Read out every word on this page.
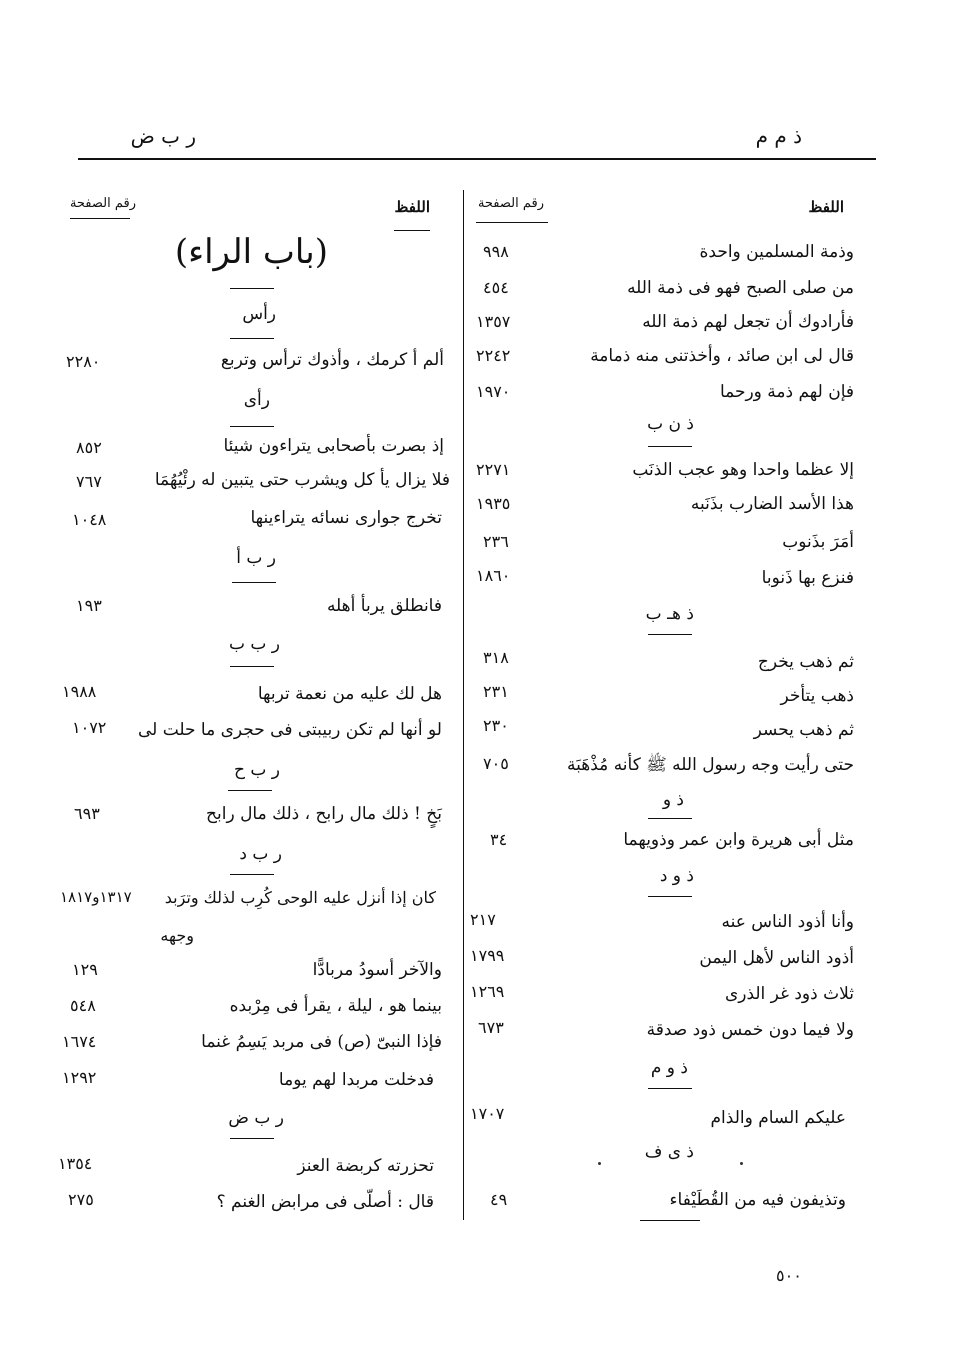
ذ م م
ر ب ض
اللفظ
رقم الصفحة
اللفظ
رقم الصفحة
(باب الراء)	وذمة المسلمين واحدة
٩٩٨
من صلى الصبح فهو فى ذمة الله
٤٥٤
فأرادوك أن تجعل لهم ذمة الله
١٣٥٧
قال لى ابن صائد ، وأخذتنى منه ذمامة
٢٢٤٢
فإن لهم ذمة ورحما
١٩٧٠
ذ ن ب
إلا عظما واحدا وهو عجب الذنَب
٢٢٧١
هذا الأسد الضارب بذَنَبه
١٩٣٥
أمَرَ بذَنوب
٢٣٦
فنزع بها ذَنوبا
١٨٦٠
ذ هـ ب
ثم ذهب يخرج
٣١٨
ذهب يتأخر
٢٣١
ثم ذهب يحسر
٢٣٠
حتى رأيت وجه رسول الله ﷺ كأنه مُذْهَبَة
٧٠٥
ذ و
مثل أبى هريرة وابن عمر وذويهما
٣٤
ذ و د
وأنا أذود الناس عنه
٢١٧
أذود الناس لأهل اليمن
١٧٩٩
ثلاث ذود غر الذرى
١٢٦٩
ولا فيما دون خمس ذود صدقة
٦٧٣
ذ و م
عليكم السام والذام
١٧٠٧
ذ ى ف
وتذيفون فيه من القُطَيْفاء
٤٩
رأس
ألم أ كرمك ، وأذوك ترأس وتربع
٢٢٨٠
رأى
إذ بصرت بأصحابى يتراءون شيئا
٨٥٢
فلا يزال يأ كل ويشرب حتى يتبين له رئْيُهُمَا
٧٦٧
تخرج جوارى نسائه يتراءينها
١٠٤٨
ر ب أ
فانطلق يربأ أهله
١٩٣
ر ب ب
هل لك عليه من نعمة تربها
١٩٨٨
لو أنها لم تكن ربيبتى فى حجرى ما حلت لى
١٠٧٢
ر ب ح
بَخٍ ! ذلك مال رابح ، ذلك مال رابح
٦٩٣
ر ب د
كان إذا أنزل عليه الوحى كُرِب لذلك وترَبد
١٣١٧و١٨١٧
وجهه
والآخر أسودُ مربادًّا
١٢٩
بينما هو ، ليلة ، يقرأ فى مِرْبده
٥٤٨
فإذا النبىّ (ص) فى مربد يَسِمُ غنما
١٦٧٤
فدخلت مربدا لهم يوما
١٢٩٢
ر ب ض
تحزرته كربضة العنز
١٣٥٤
قال : أصلّى فى مرابض الغنم ؟
٢٧٥
٥٠٠
